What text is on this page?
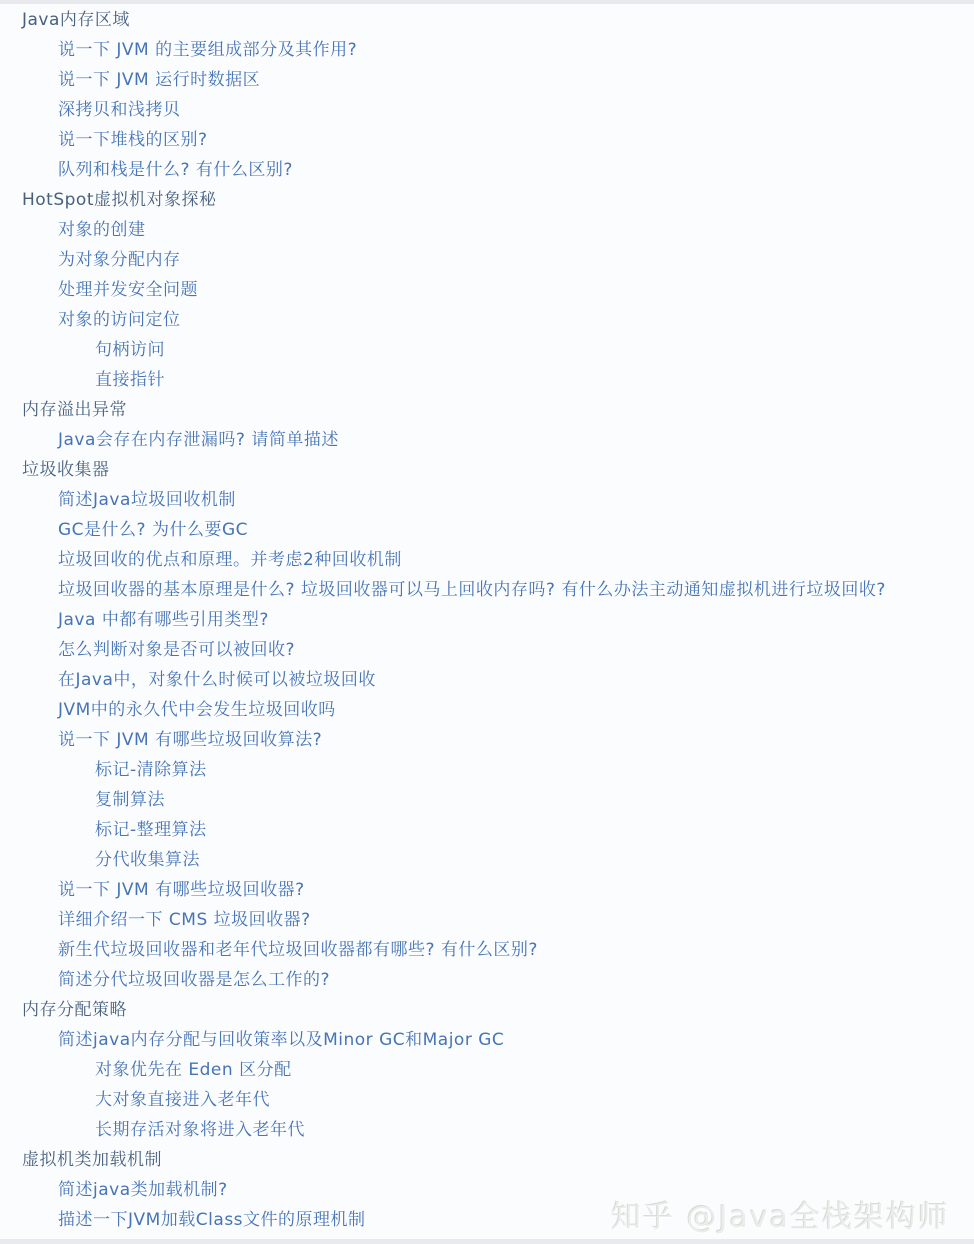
Java内存区域
说一下 JVM 的主要组成部分及其作用?
说一下 JVM 运行时数据区
深拷贝和浅拷贝
说一下堆栈的区别?
队列和栈是什么? 有什么区别?
HotSpot虚拟机对象探秘
对象的创建
为对象分配内存
处理并发安全问题
对象的访问定位
句柄访问
直接指针
内存溢出异常
Java会存在内存泄漏吗? 请简单描述
垃圾收集器
简述Java垃圾回收机制
GC是什么? 为什么要GC
垃圾回收的优点和原理。并考虑2种回收机制
垃圾回收器的基本原理是什么? 垃圾回收器可以马上回收内存吗? 有什么办法主动通知虚拟机进行垃圾回收?
Java 中都有哪些引用类型?
怎么判断对象是否可以被回收?
在Java中，对象什么时候可以被垃圾回收
JVM中的永久代中会发生垃圾回收吗
说一下 JVM 有哪些垃圾回收算法?
标记-清除算法
复制算法
标记-整理算法
分代收集算法
说一下 JVM 有哪些垃圾回收器?
详细介绍一下 CMS 垃圾回收器?
新生代垃圾回收器和老年代垃圾回收器都有哪些? 有什么区别?
简述分代垃圾回收器是怎么工作的?
内存分配策略
简述java内存分配与回收策率以及Minor GC和Major GC
对象优先在 Eden 区分配
大对象直接进入老年代
长期存活对象将进入老年代
虚拟机类加载机制
简述java类加载机制?
描述一下JVM加载Class文件的原理机制	知乎 @Java全栈架构师
